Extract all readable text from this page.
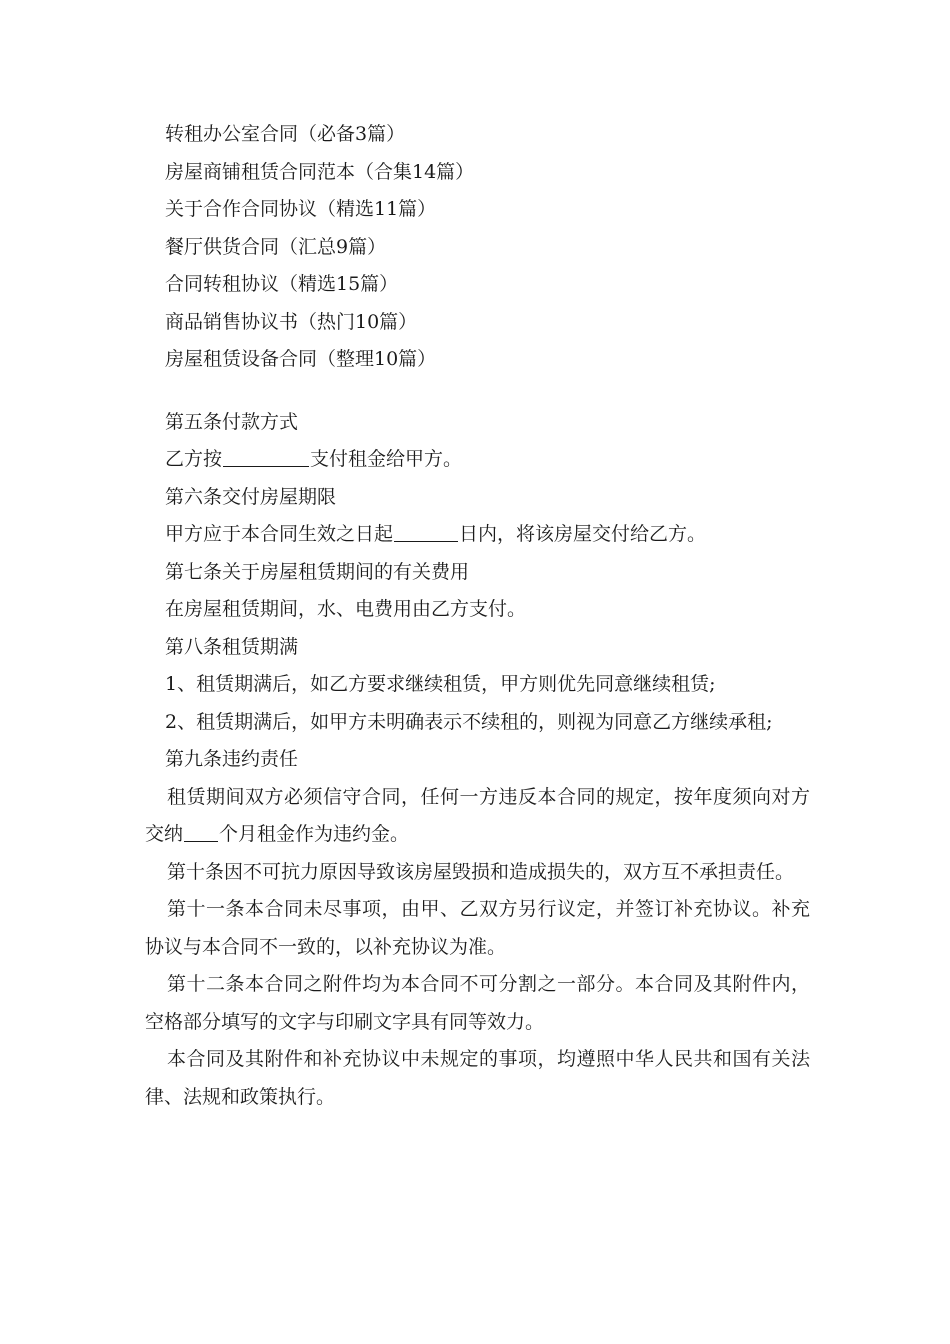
转租办公室合同（必备3篇）
房屋商铺租赁合同范本（合集14篇）
关于合作合同协议（精选11篇）
餐厅供货合同（汇总9篇）
合同转租协议（精选15篇）
商品销售协议书（热门10篇）
房屋租赁设备合同（整理10篇）
第五条付款方式
乙方按	支付租金给甲方。
第六条交付房屋期限
甲方应于本合同生效之日起	日内，将该房屋交付给乙方。
第七条关于房屋租赁期间的有关费用
在房屋租赁期间，水、电费用由乙方支付。
第八条租赁期满
1、租赁期满后，如乙方要求继续租赁，甲方则优先同意继续租赁;
2、租赁期满后，如甲方未明确表示不续租的，则视为同意乙方继续承租;
第九条违约责任
租赁期间双方必须信守合同，任何一方违反本合同的规定，按年度须向对方交纳 个月租金作为违约金。
第十条因不可抗力原因导致该房屋毁损和造成损失的，双方互不承担责任。
第十一条本合同未尽事项，由甲、乙双方另行议定，并签订补充协议。补充协议与本合同不一致的，以补充协议为准。
第十二条本合同之附件均为本合同不可分割之一部分。本合同及其附件内，空格部分填写的文字与印刷文字具有同等效力。
本合同及其附件和补充协议中未规定的事项，均遵照中华人民共和国有关法律、法规和政策执行。
